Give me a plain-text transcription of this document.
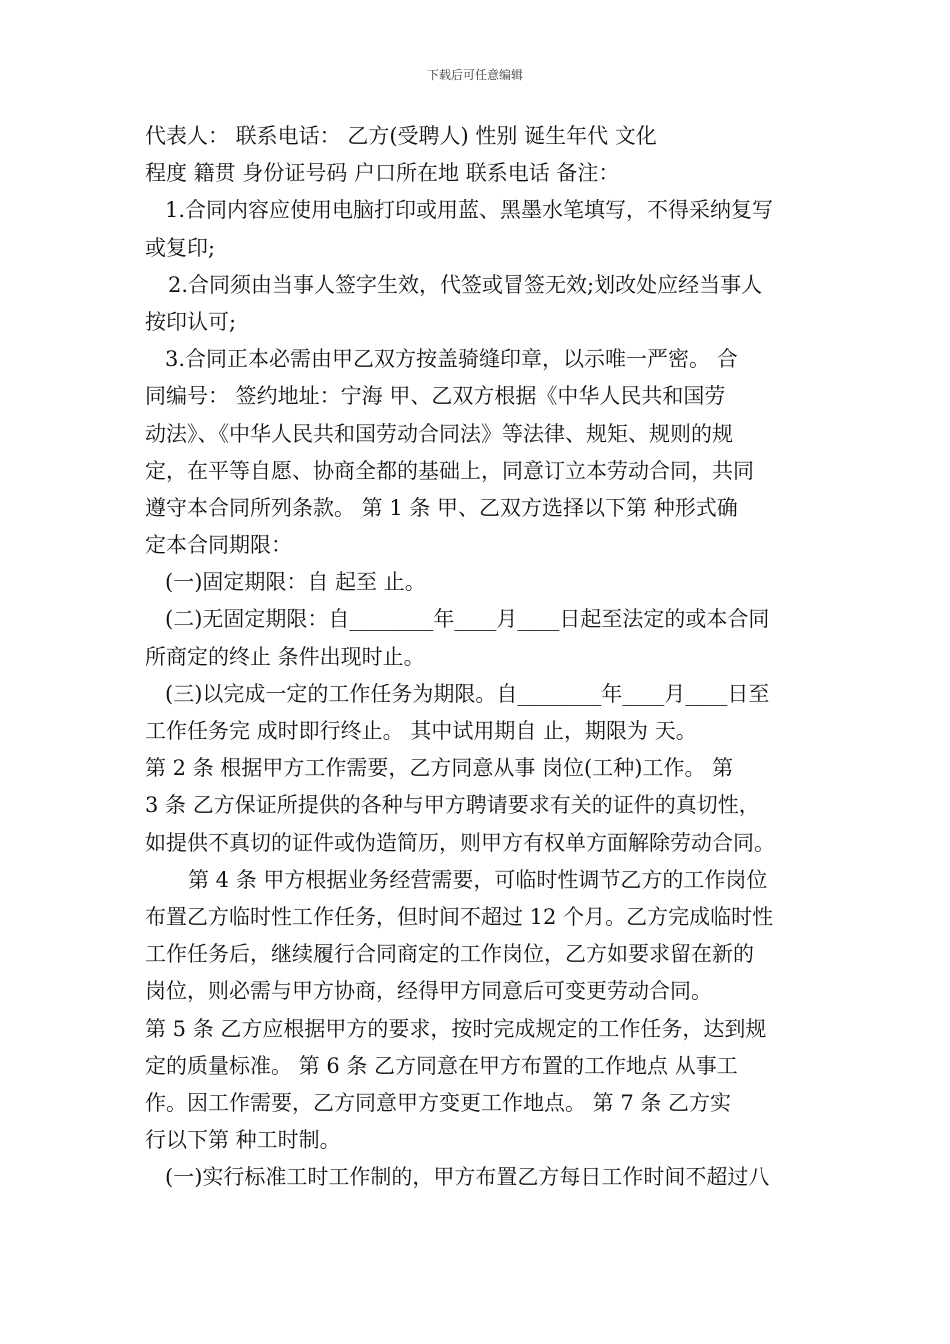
下载后可任意编辑
代表人： 联系电话： 乙方(受聘人) 性别 诞生年代 文化
程度 籍贯 身份证号码 户口所在地 联系电话 备注：
1.合同内容应使用电脑打印或用蓝、黑墨水笔填写，不得采纳复写
或复印;
2.合同须由当事人签字生效，代签或冒签无效;划改处应经当事人
按印认可;
3.合同正本必需由甲乙双方按盖骑缝印章，以示唯一严密。 合
同编号： 签约地址：宁海 甲、乙双方根据《中华人民共和国劳
动法》、《中华人民共和国劳动合同法》等法律、规矩、规则的规
定，在平等自愿、协商全都的基础上，同意订立本劳动合同，共同
遵守本合同所列条款。 第 1 条 甲、乙双方选择以下第 种形式确
定本合同期限：
(一)固定期限：自 起至 止。
(二)无固定期限：自________年____月____日起至法定的或本合同
所商定的终止 条件出现时止。
(三)以完成一定的工作任务为期限。自________年____月____日至
工作任务完 成时即行终止。 其中试用期自 止，期限为 天。
第 2 条 根据甲方工作需要，乙方同意从事 岗位(工种)工作。 第
3 条 乙方保证所提供的各种与甲方聘请要求有关的证件的真切性，
如提供不真切的证件或伪造简历，则甲方有权单方面解除劳动合同。
第 4 条 甲方根据业务经营需要，可临时性调节乙方的工作岗位
布置乙方临时性工作任务，但时间不超过 12 个月。乙方完成临时性
工作任务后，继续履行合同商定的工作岗位，乙方如要求留在新的
岗位，则必需与甲方协商，经得甲方同意后可变更劳动合同。
第 5 条 乙方应根据甲方的要求，按时完成规定的工作任务，达到规
定的质量标准。 第 6 条 乙方同意在甲方布置的工作地点 从事工
作。因工作需要，乙方同意甲方变更工作地点。 第 7 条 乙方实
行以下第 种工时制。
(一)实行标准工时工作制的，甲方布置乙方每日工作时间不超过八
